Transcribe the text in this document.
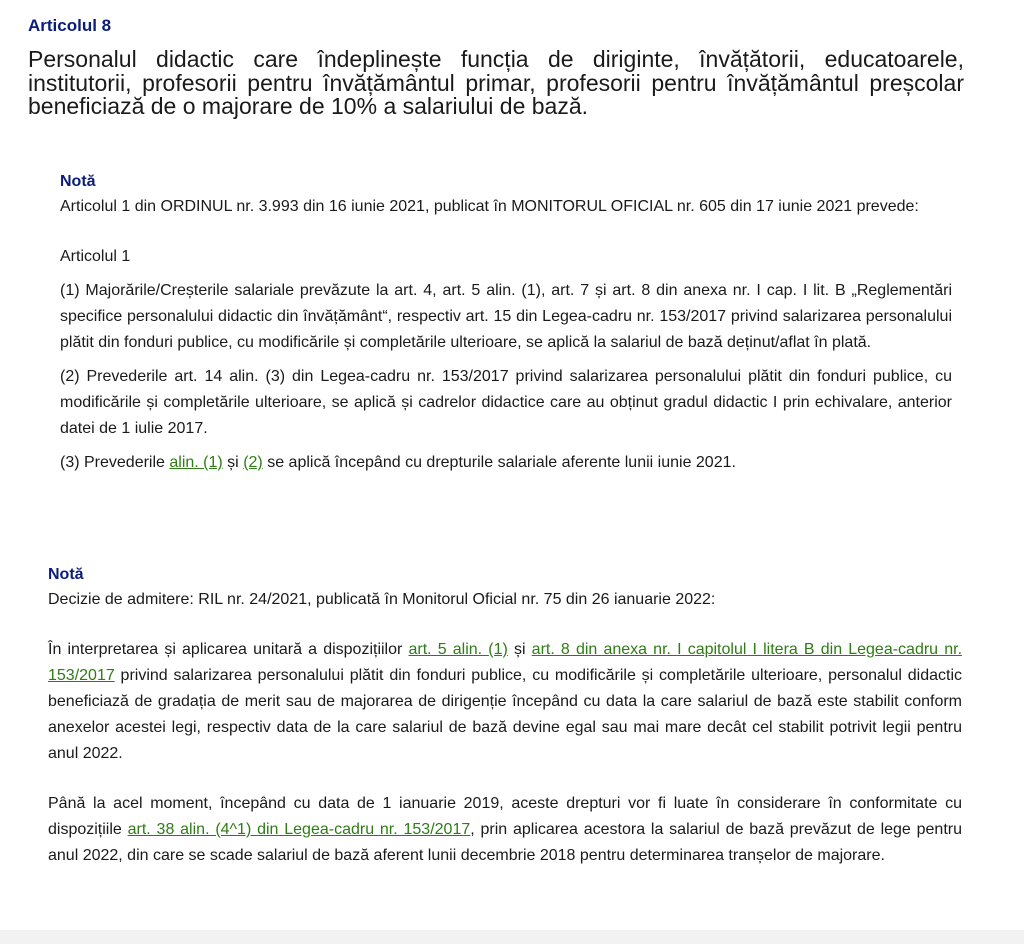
Articolul 8

Personalul didactic care îndeplinește funcția de diriginte, învățătorii, educatoarele, institutorii, profesorii pentru învățământul primar, profesorii pentru învățământul preșcolar beneficiază de o majorare de 10% a salariului de bază.

Notă

Articolul 1 din ORDINUL nr. 3.993 din 16 iunie 2021, publicat în MONITORUL OFICIAL nr. 605 din 17 iunie 2021 prevede:

Articolul 1

(1) Majorările/Creșterile salariale prevăzute la art. 4, art. 5 alin. (1), art. 7 și art. 8 din anexa nr. I cap. I lit. B „Reglementări specifice personalului didactic din învățământ“, respectiv art. 15 din Legea-cadru nr. 153/2017 privind salarizarea personalului plătit din fonduri publice, cu modificările și completările ulterioare, se aplică la salariul de bază deținut/aflat în plată.

(2) Prevederile art. 14 alin. (3) din Legea-cadru nr. 153/2017 privind salarizarea personalului plătit din fonduri publice, cu modificările și completările ulterioare, se aplică și cadrelor didactice care au obținut gradul didactic I prin echivalare, anterior datei de 1 iulie 2017.

(3) Prevederile alin. (1) și (2) se aplică începând cu drepturile salariale aferente lunii iunie 2021.

Notă

Decizie de admitere: RIL nr. 24/2021, publicată în Monitorul Oficial nr. 75 din 26 ianuarie 2022:

În interpretarea și aplicarea unitară a dispozițiilor art. 5 alin. (1) și art. 8 din anexa nr. I capitolul I litera B din Legea-cadru nr. 153/2017 privind salarizarea personalului plătit din fonduri publice, cu modificările și completările ulterioare, personalul didactic beneficiază de gradația de merit sau de majorarea de dirigenție începând cu data la care salariul de bază este stabilit conform anexelor acestei legi, respectiv data de la care salariul de bază devine egal sau mai mare decât cel stabilit potrivit legii pentru anul 2022.

Până la acel moment, începând cu data de 1 ianuarie 2019, aceste drepturi vor fi luate în considerare în conformitate cu dispozițiile art. 38 alin. (4^1) din Legea-cadru nr. 153/2017, prin aplicarea acestora la salariul de bază prevăzut de lege pentru anul 2022, din care se scade salariul de bază aferent lunii decembrie 2018 pentru determinarea tranșelor de majorare.
